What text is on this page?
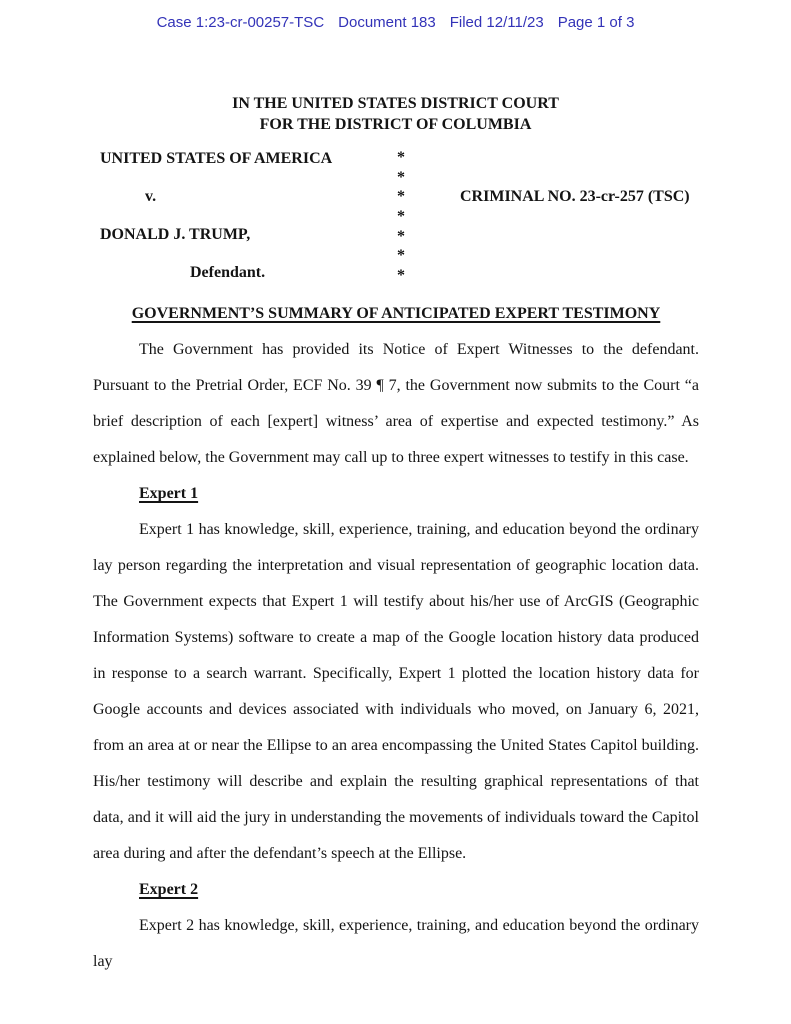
Case 1:23-cr-00257-TSC Document 183 Filed 12/11/23 Page 1 of 3
IN THE UNITED STATES DISTRICT COURT
FOR THE DISTRICT OF COLUMBIA
UNITED STATES OF AMERICA
v.
DONALD J. TRUMP,
Defendant.
*
*
*
*
*
*
*
CRIMINAL NO. 23-cr-257 (TSC)

GOVERNMENT’S SUMMARY OF ANTICIPATED EXPERT TESTIMONY

The Government has provided its Notice of Expert Witnesses to the defendant. Pursuant to the Pretrial Order, ECF No. 39 ¶ 7, the Government now submits to the Court “a brief description of each [expert] witness’ area of expertise and expected testimony.” As explained below, the Government may call up to three expert witnesses to testify in this case.

Expert 1

Expert 1 has knowledge, skill, experience, training, and education beyond the ordinary lay person regarding the interpretation and visual representation of geographic location data. The Government expects that Expert 1 will testify about his/her use of ArcGIS (Geographic Information Systems) software to create a map of the Google location history data produced in response to a search warrant. Specifically, Expert 1 plotted the location history data for Google accounts and devices associated with individuals who moved, on January 6, 2021, from an area at or near the Ellipse to an area encompassing the United States Capitol building. His/her testimony will describe and explain the resulting graphical representations of that data, and it will aid the jury in understanding the movements of individuals toward the Capitol area during and after the defendant’s speech at the Ellipse.

Expert 2

Expert 2 has knowledge, skill, experience, training, and education beyond the ordinary lay
